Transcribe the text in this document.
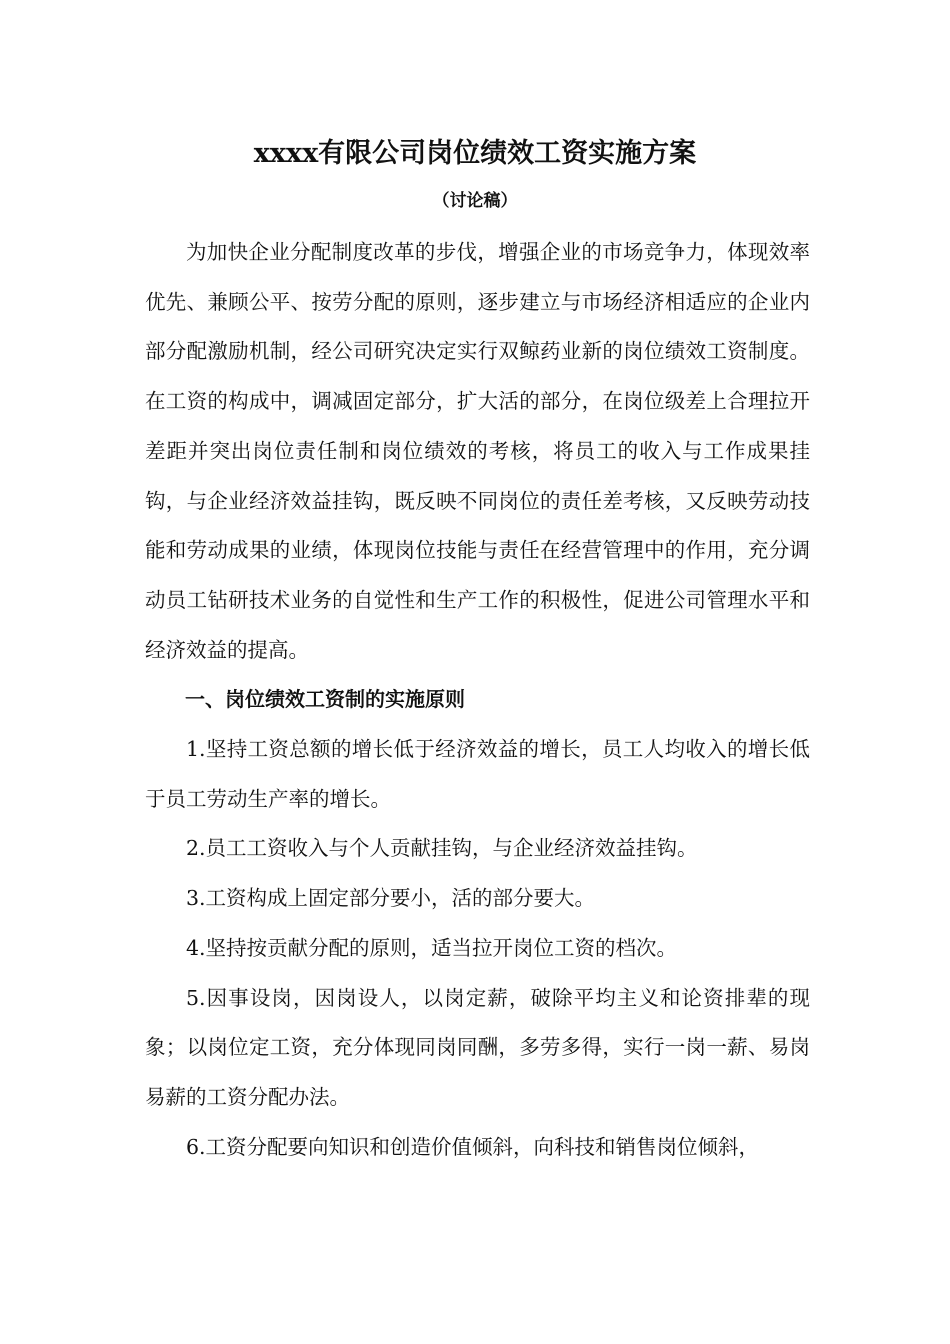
xxxx有限公司岗位绩效工资实施方案

（讨论稿）

为加快企业分配制度改革的步伐，增强企业的市场竞争力，体现效率优先、兼顾公平、按劳分配的原则，逐步建立与市场经济相适应的企业内部分配激励机制，经公司研究决定实行双鲸药业新的岗位绩效工资制度。在工资的构成中，调减固定部分，扩大活的部分，在岗位级差上合理拉开差距并突出岗位责任制和岗位绩效的考核，将员工的收入与工作成果挂钩，与企业经济效益挂钩，既反映不同岗位的责任差考核，又反映劳动技能和劳动成果的业绩，体现岗位技能与责任在经营管理中的作用，充分调动员工钻研技术业务的自觉性和生产工作的积极性，促进公司管理水平和经济效益的提高。

一、岗位绩效工资制的实施原则

1.坚持工资总额的增长低于经济效益的增长，员工人均收入的增长低于员工劳动生产率的增长。

2.员工工资收入与个人贡献挂钩，与企业经济效益挂钩。

3.工资构成上固定部分要小，活的部分要大。

4.坚持按贡献分配的原则，适当拉开岗位工资的档次。

5.因事设岗，因岗设人，以岗定薪，破除平均主义和论资排辈的现象；以岗位定工资，充分体现同岗同酬，多劳多得，实行一岗一薪、易岗易薪的工资分配办法。

6.工资分配要向知识和创造价值倾斜，向科技和销售岗位倾斜，
